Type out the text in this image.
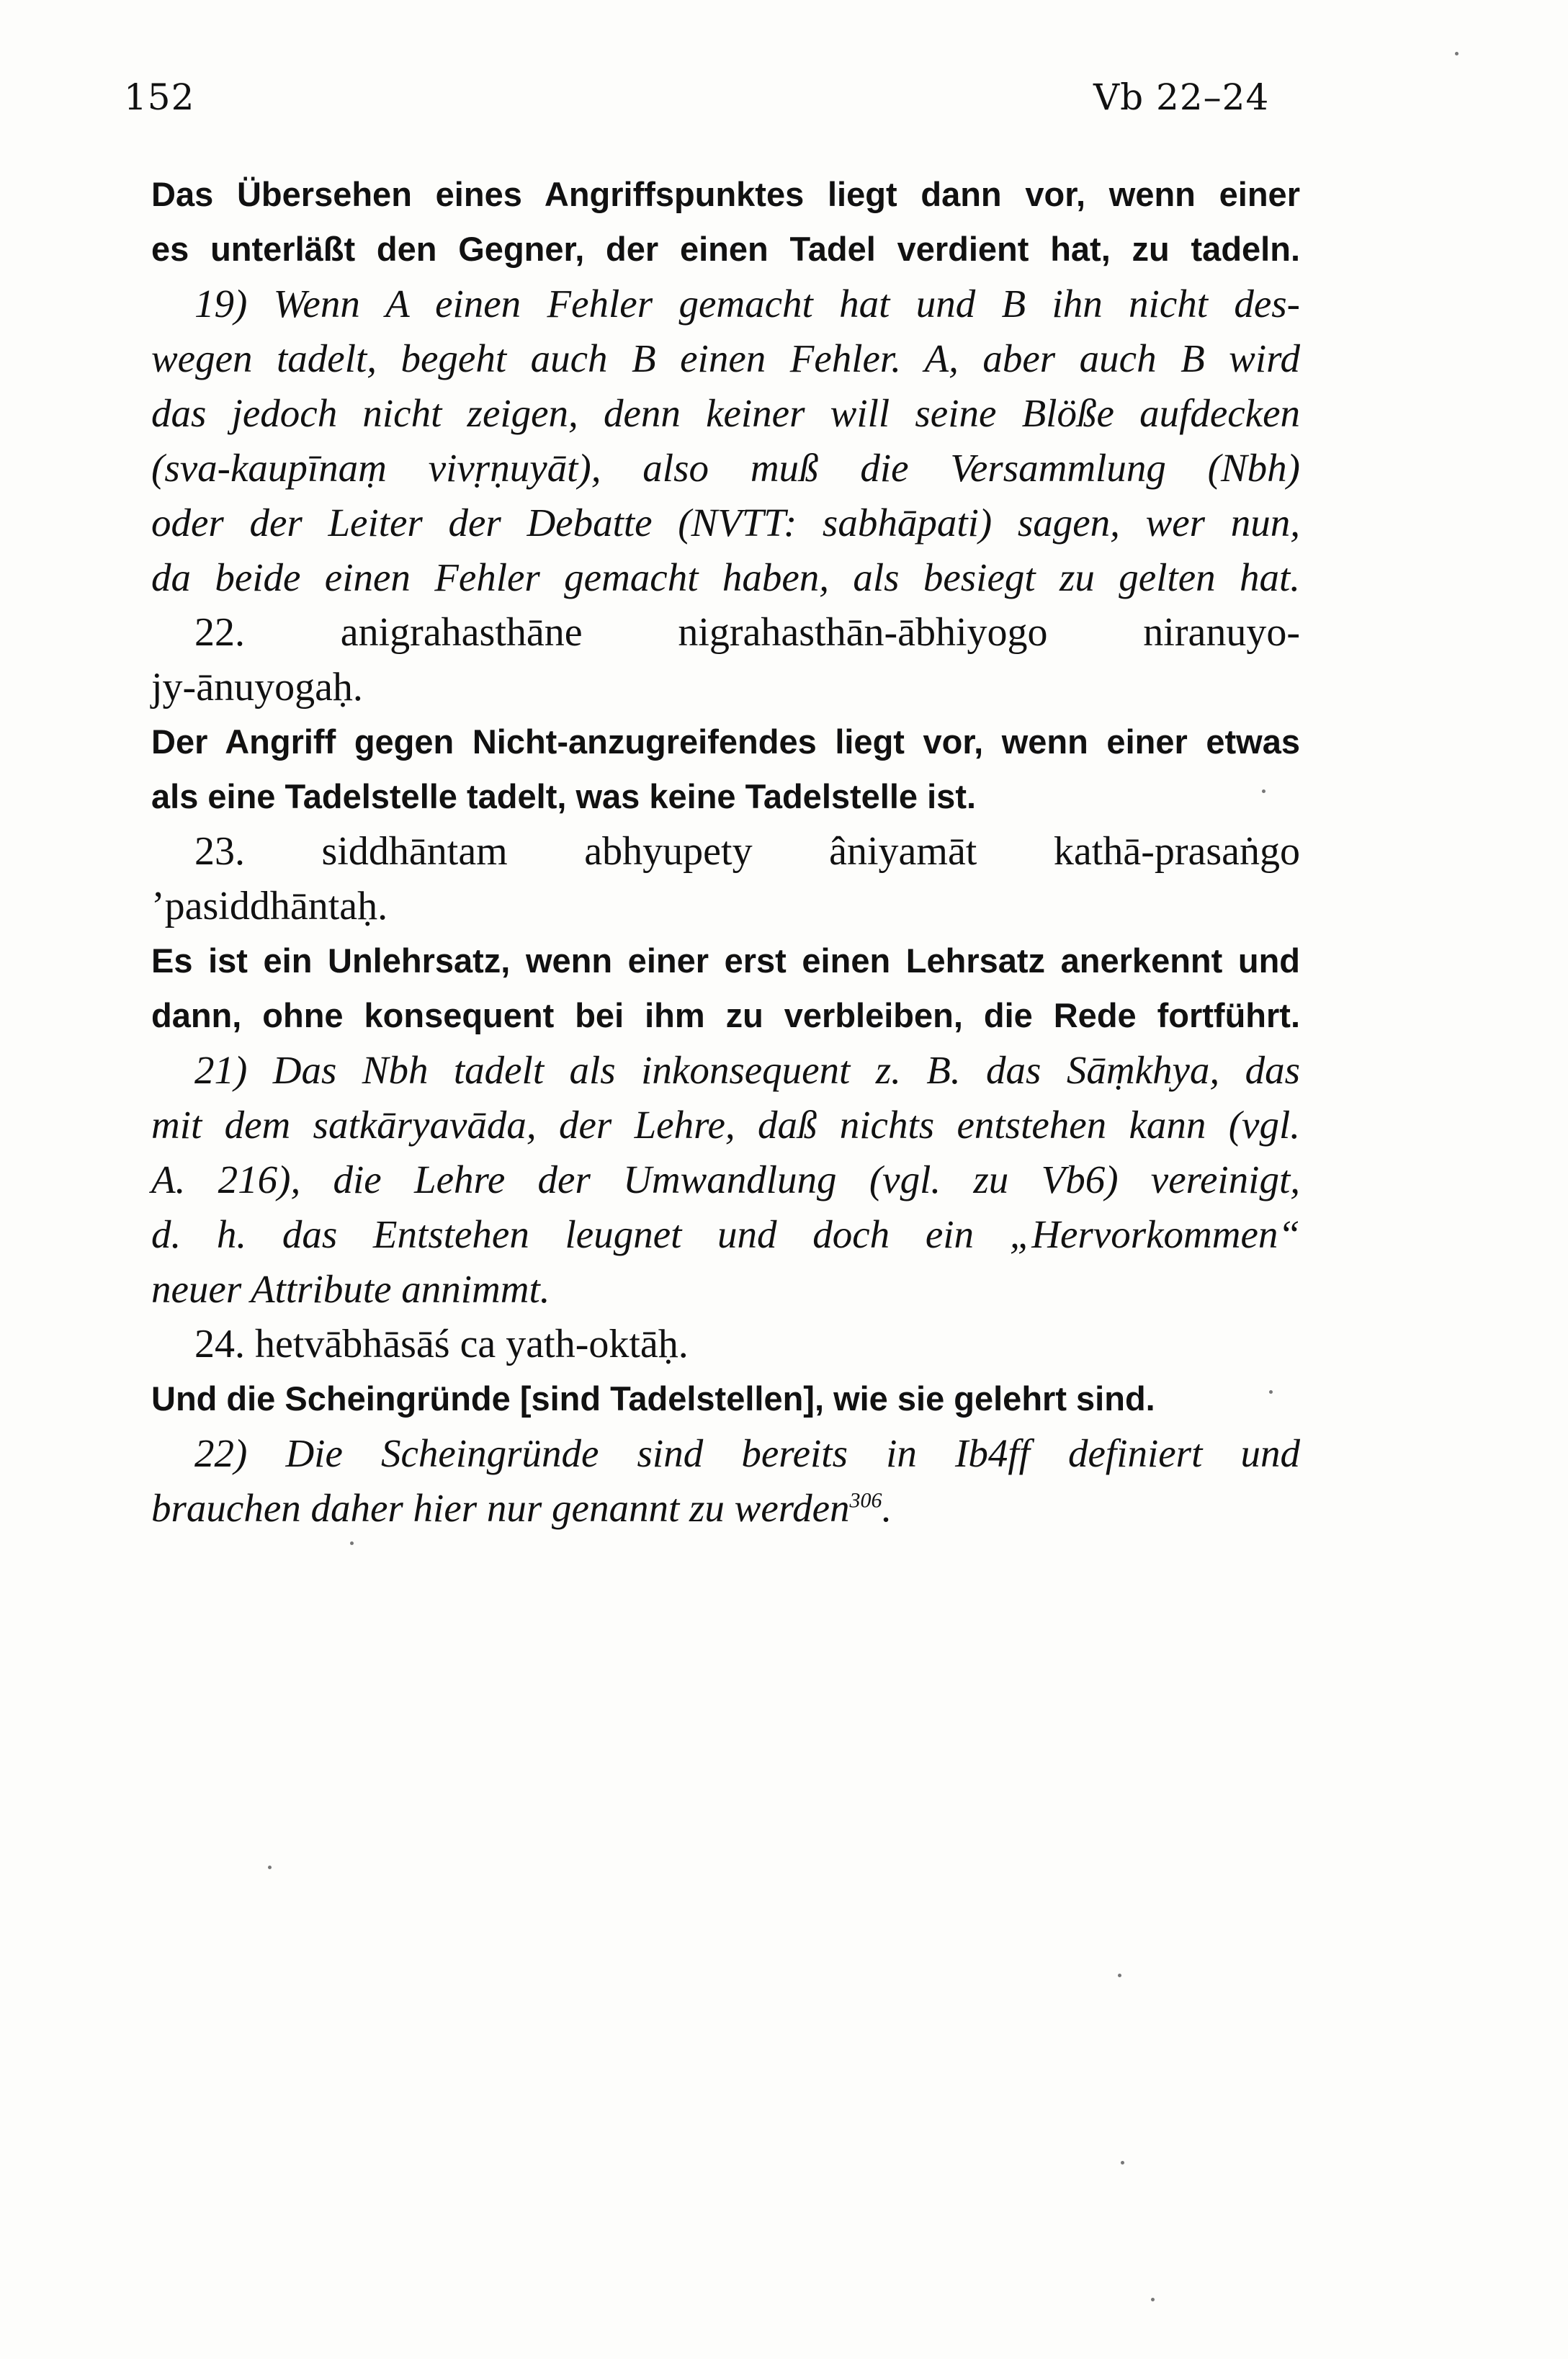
152	Vb 22–24
Das Übersehen eines Angriffspunktes liegt dann vor, wenn einer
es unterläßt den Gegner, der einen Tadel verdient hat, zu tadeln.
19) Wenn A einen Fehler gemacht hat und B ihn nicht des-
wegen tadelt, begeht auch B einen Fehler. A, aber auch B wird
das jedoch nicht zeigen, denn keiner will seine Blöße aufdecken
(sva-kaupīnaṃ vivṛṇuyāt), also muß die Versammlung (Nbh)
oder der Leiter der Debatte (NVTT: sabhāpati) sagen, wer nun,
da beide einen Fehler gemacht haben, als besiegt zu gelten hat.
22. anigrahasthāne nigrahasthān-ābhiyogo niranuyo-
jy-ānuyogaḥ.
Der Angriff gegen Nicht-anzugreifendes liegt vor, wenn einer etwas
als eine Tadelstelle tadelt, was keine Tadelstelle ist.
23. siddhāntam abhyupety âniyamāt kathā-prasaṅgo
’pasiddhāntaḥ.
Es ist ein Unlehrsatz, wenn einer erst einen Lehrsatz anerkennt und
dann, ohne konsequent bei ihm zu verbleiben, die Rede fortführt.
21) Das Nbh tadelt als inkonsequent z. B. das Sāṃkhya, das
mit dem satkāryavāda, der Lehre, daß nichts entstehen kann (vgl.
A. 216), die Lehre der Umwandlung (vgl. zu Vb6) vereinigt,
d. h. das Entstehen leugnet und doch ein „Hervorkommen“
neuer Attribute annimmt.
24. hetvābhāsāś ca yath-oktāḥ.
Und die Scheingründe [sind Tadelstellen], wie sie gelehrt sind.
22) Die Scheingründe sind bereits in Ib4ff definiert und
brauchen daher hier nur genannt zu werden$^{306}$.
